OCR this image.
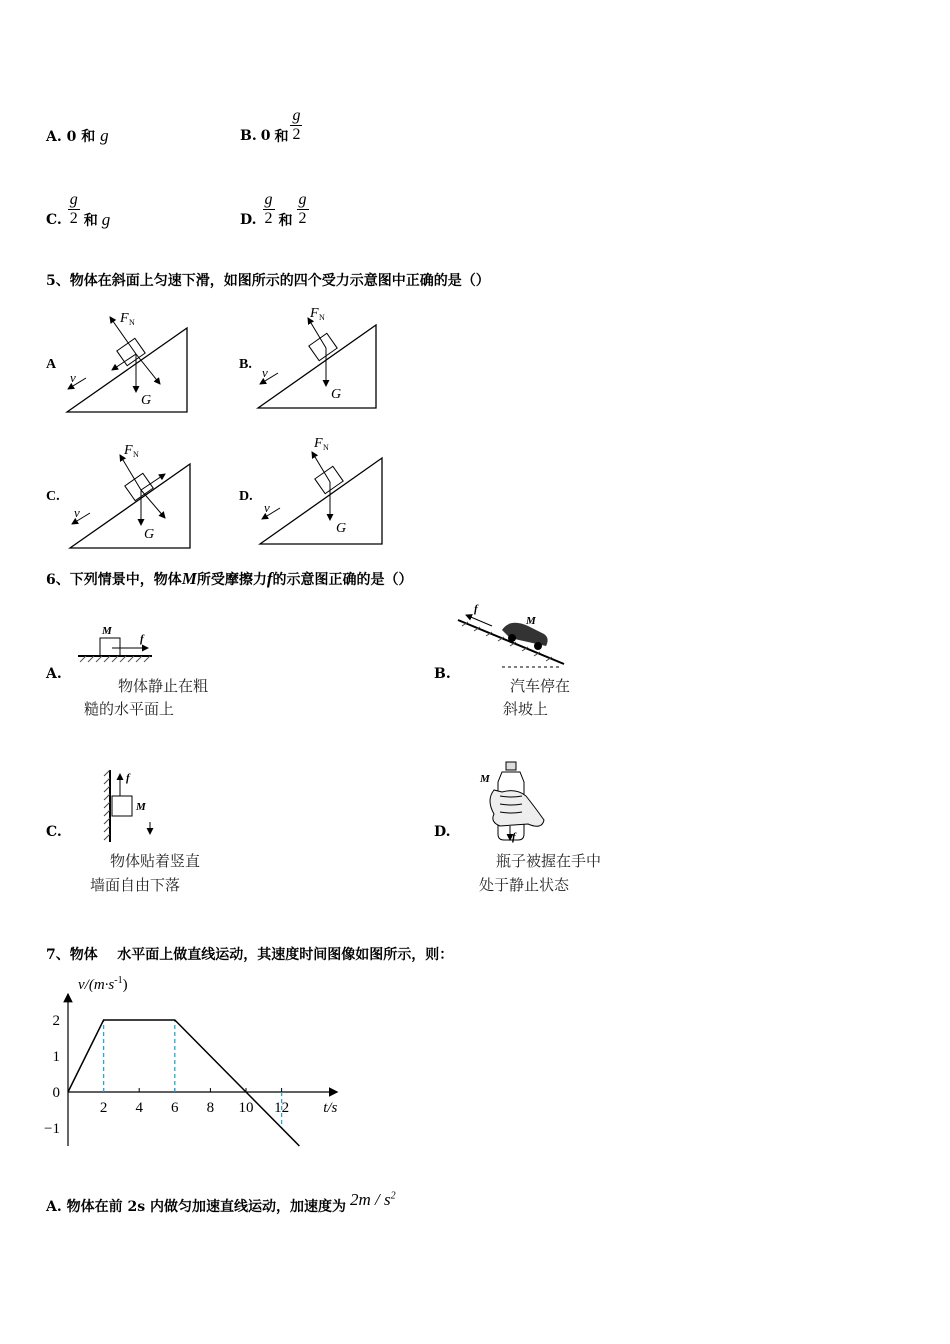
A. 0 和 g	B. 0 和 $\frac{g}{2}$
C. $\frac{g}{2}$ 和 g	D. $\frac{g}{2}$ 和 $\frac{g}{2}$
5、物体在斜面上匀速下滑，如图所示的四个受力示意图中正确的是（）
A
F N
G
v
B.
F N
G
v
C.
F N
G
v
D.
F N
G
v
6、下列情景中，物体M所受摩擦力f的示意图正确的是（）
A.
M
f
物体静止在粗
糙的水平面上
B.
f
M
汽车停在
斜坡上
C.
f
M
物体贴着竖直
墙面自由下落
D.
M
f
瓶子被握在手中
处于静止状态
7、物体    水平面上做直线运动，其速度时间图像如图所示，则：
$v/(m\cdot s^{-1})$
t/s
2 4 6 8 10 12
2
1
0
−1
A. 物体在前 2s 内做匀加速直线运动，加速度为 $2m / s^2$
